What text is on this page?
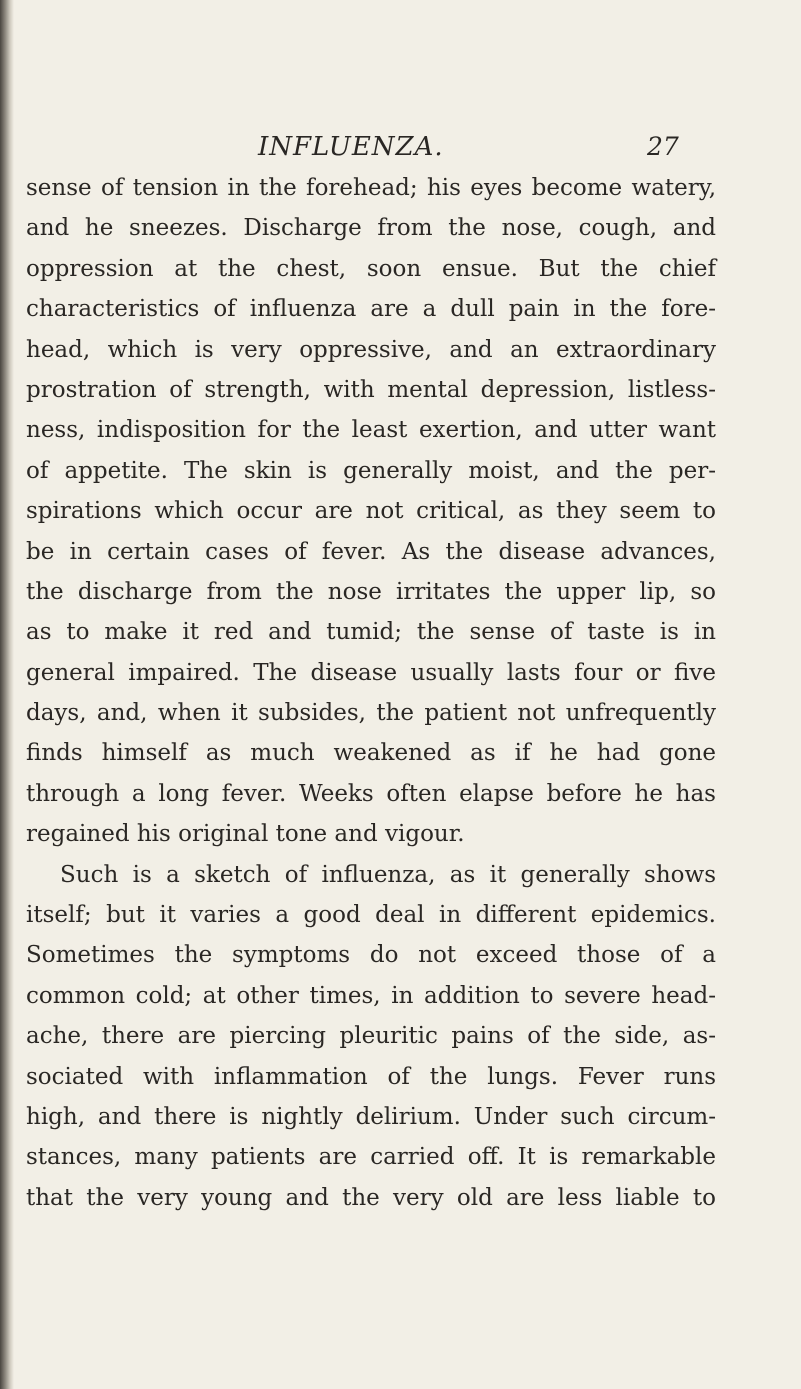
INFLUENZA.	27
sense of tension in the forehead; his eyes become watery,
and he sneezes. Discharge from the nose, cough, and
oppression at the chest, soon ensue. But the chief
characteristics of influenza are a dull pain in the fore-
head, which is very oppressive, and an extraordinary
prostration of strength, with mental depression, listless-
ness, indisposition for the least exertion, and utter want
of appetite. The skin is generally moist, and the per-
spirations which occur are not critical, as they seem to
be in certain cases of fever. As the disease advances,
the discharge from the nose irritates the upper lip, so
as to make it red and tumid; the sense of taste is in
general impaired. The disease usually lasts four or five
days, and, when it subsides, the patient not unfrequently
finds himself as much weakened as if he had gone
through a long fever. Weeks often elapse before he has
regained his original tone and vigour.
Such is a sketch of influenza, as it generally shows
itself; but it varies a good deal in different epidemics.
Sometimes the symptoms do not exceed those of a
common cold; at other times, in addition to severe head-
ache, there are piercing pleuritic pains of the side, as-
sociated with inflammation of the lungs. Fever runs
high, and there is nightly delirium. Under such circum-
stances, many patients are carried off. It is remarkable
that the very young and the very old are less liable to
